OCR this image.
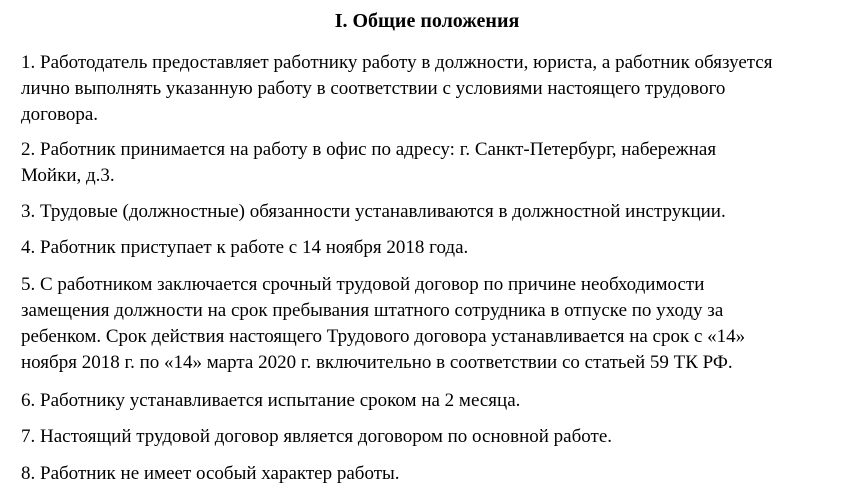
I. Общие положения
1. Работодатель предоставляет работнику работу в должности, юриста, а работник обязуется
лично выполнять указанную работу в соответствии с условиями настоящего трудового
договора.
2. Работник принимается на работу в офис по адресу: г. Санкт-Петербург, набережная
Мойки, д.3.
3. Трудовые (должностные) обязанности устанавливаются в должностной инструкции.
4. Работник приступает к работе с 14 ноября 2018 года.
5. С работником заключается срочный трудовой договор по причине необходимости
замещения должности на срок пребывания штатного сотрудника в отпуске по уходу за
ребенком. Срок действия настоящего Трудового договора устанавливается на срок с «14»
ноября 2018 г. по «14» марта 2020 г. включительно в соответствии со статьей 59 ТК РФ.
6. Работнику устанавливается испытание сроком на 2 месяца.
7. Настоящий трудовой договор является договором по основной работе.
8. Работник не имеет особый характер работы.
